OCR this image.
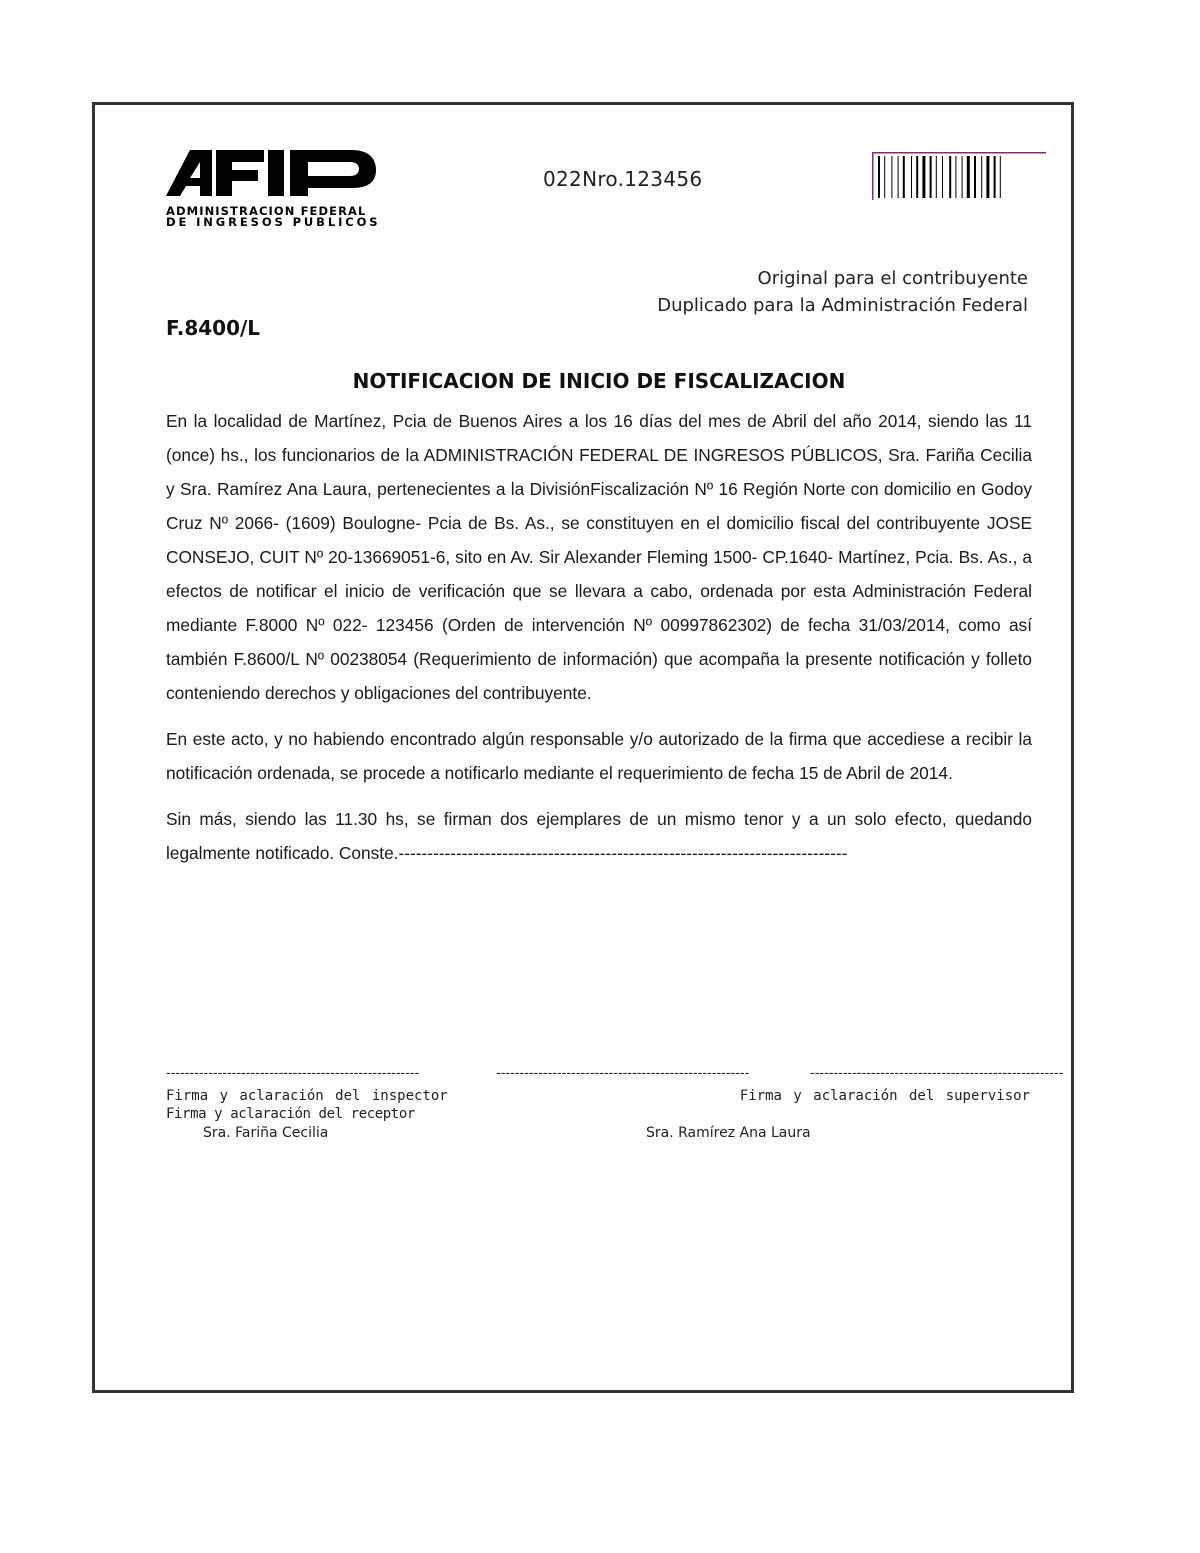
ADMINISTRACION FEDERAL
DE INGRESOS PUBLICOS
022Nro.123456
Original para el contribuyente
Duplicado para la Administración Federal
F.8400/L
NOTIFICACION DE INICIO DE FISCALIZACION

En la localidad de Martínez, Pcia de Buenos Aires a los 16 días del mes de Abril del año 2014, siendo las 11 (once) hs., los funcionarios de la ADMINISTRACIÓN FEDERAL DE INGRESOS PÚBLICOS, Sra. Fariña Cecilia y Sra. Ramírez Ana Laura, pertenecientes a la DivisiónFiscalización Nº 16 Región Norte con domicilio en Godoy Cruz Nº 2066- (1609) Boulogne- Pcia de Bs. As., se constituyen en el domicilio fiscal del contribuyente JOSE CONSEJO, CUIT Nº 20-13669051-6, sito en Av. Sir Alexander Fleming 1500- CP.1640- Martínez, Pcia. Bs. As., a efectos de notificar el inicio de verificación que se llevara a cabo, ordenada por esta Administración Federal mediante F.8000 Nº 022- 123456 (Orden de intervención Nº 00997862302) de fecha 31/03/2014, como así también F.8600/L Nº 00238054 (Requerimiento de información) que acompaña la presente notificación y folleto conteniendo derechos y obligaciones del contribuyente.

En este acto, y no habiendo encontrado algún responsable y/o autorizado de la firma que accediese a recibir la notificación ordenada, se procede a notificarlo mediante el requerimiento de fecha 15 de Abril de 2014.

Sin más, siendo las 11.30 hs, se firman dos ejemplares de un mismo tenor y a un solo efecto, quedando legalmente notificado. Conste.------------------------------------------------------------------------------

------------------------------------------------------	------------------------------------------------------	------------------------------------------------------
Firma y aclaración del inspector
Firma y aclaración del receptor
Firma y aclaración del supervisor
Sra. Fariña Cecilia	Sra. Ramírez Ana Laura
